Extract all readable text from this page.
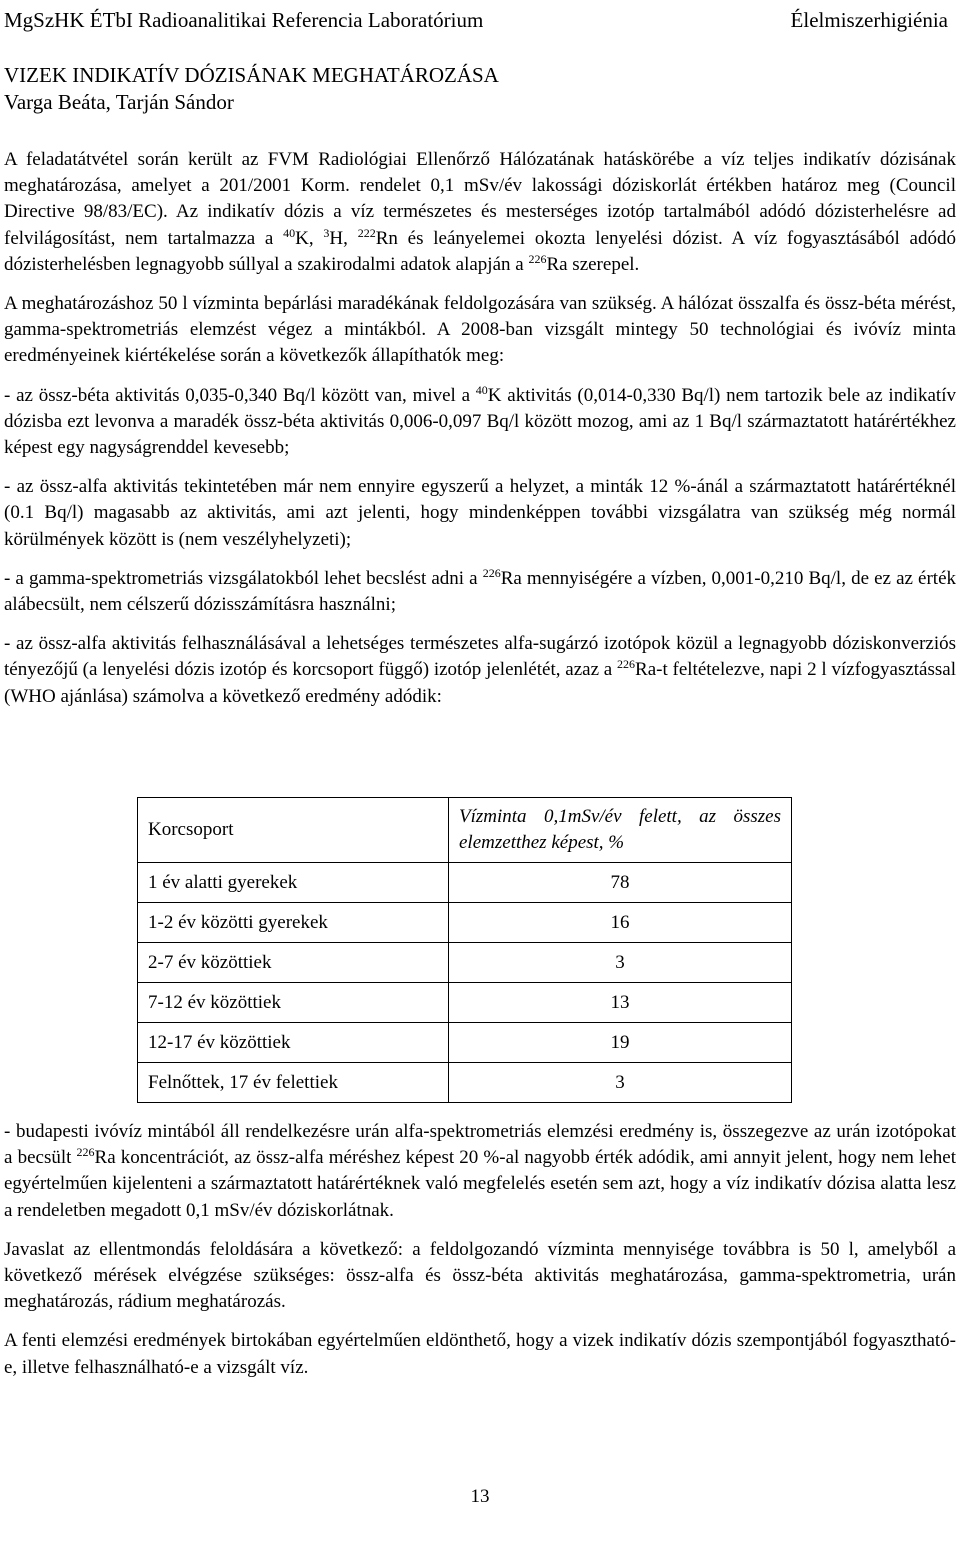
MgSzHK ÉTbI Radioanalitikai Referencia Laboratórium	Élelmiszerhigiénia
VIZEK INDIKATÍV DÓZISÁNAK MEGHATÁROZÁSA
Varga Beáta, Tarján Sándor

A feladatátvétel során került az FVM Radiológiai Ellenőrző Hálózatának hatáskörébe a víz teljes indikatív dózisának meghatározása, amelyet a 201/2001 Korm. rendelet 0,1 mSv/év lakossági dóziskorlát értékben határoz meg (Council Directive 98/83/EC). Az indikatív dózis a víz természetes és mesterséges izotóp tartalmából adódó dózisterhelésre ad felvilágosítást, nem tartalmazza a $^{40}$K, $^3$H, $^{222}$Rn és leányelemei okozta lenyelési dózist. A víz fogyasztásából adódó dózisterhelésben legnagyobb súllyal a szakirodalmi adatok alapján a $^{226}$Ra szerepel.

A meghatározáshoz 50 l vízminta bepárlási maradékának feldolgozására van szükség. A hálózat összalfa és össz-béta mérést, gamma-spektrometriás elemzést végez a mintákból. A 2008-ban vizsgált mintegy 50 technológiai és ivóvíz minta eredményeinek kiértékelése során a következők állapíthatók meg:

- az össz-béta aktivitás 0,035-0,340 Bq/l között van, mivel a $^{40}$K aktivitás (0,014-0,330 Bq/l) nem tartozik bele az indikatív dózisba ezt levonva a maradék össz-béta aktivitás 0,006-0,097 Bq/l között mozog, ami az 1 Bq/l származtatott határértékhez képest egy nagyságrenddel kevesebb;

- az össz-alfa aktivitás tekintetében már nem ennyire egyszerű a helyzet, a minták 12 %-ánál a származtatott határértéknél (0.1 Bq/l) magasabb az aktivitás, ami azt jelenti, hogy mindenképpen további vizsgálatra van szükség még normál körülmények között is (nem veszélyhelyzeti);

- a gamma-spektrometriás vizsgálatokból lehet becslést adni a $^{226}$Ra mennyiségére a vízben, 0,001-0,210 Bq/l, de ez az érték alábecsült, nem célszerű dózisszámításra használni;

- az össz-alfa aktivitás felhasználásával a lehetséges természetes alfa-sugárzó izotópok közül a legnagyobb dóziskonverziós tényezőjű (a lenyelési dózis izotóp és korcsoport függő) izotóp jelenlétét, azaz a $^{226}$Ra-t feltételezve, napi 2 l vízfogyasztással (WHO ajánlása) számolva a következő eredmény adódik:

Korcsoport	Vízminta 0,1mSv/év felett, az összes elemzetthez képest, %

1 év alatti gyerekek	78
1-2 év közötti gyerekek	16
2-7 év közöttiek	3
7-12 év közöttiek	13
12-17 év közöttiek	19
Felnőttek, 17 év felettiek	3

- budapesti ivóvíz mintából áll rendelkezésre urán alfa-spektrometriás elemzési eredmény is, összegezve az urán izotópokat a becsült $^{226}$Ra koncentrációt, az össz-alfa méréshez képest 20 %-al nagyobb érték adódik, ami annyit jelent, hogy nem lehet egyértelműen kijelenteni a származtatott határértéknek való megfelelés esetén sem azt, hogy a víz indikatív dózisa alatta lesz a rendeletben megadott 0,1 mSv/év dóziskorlátnak.

Javaslat az ellentmondás feloldására a következő: a feldolgozandó vízminta mennyisége továbbra is 50 l, amelyből a következő mérések elvégzése szükséges: össz-alfa és össz-béta aktivitás meghatározása, gamma-spektrometria, urán meghatározás, rádium meghatározás.

A fenti elemzési eredmények birtokában egyértelműen eldönthető, hogy a vizek indikatív dózis szempontjából fogyasztható-e, illetve felhasználható-e a vizsgált víz.

13
